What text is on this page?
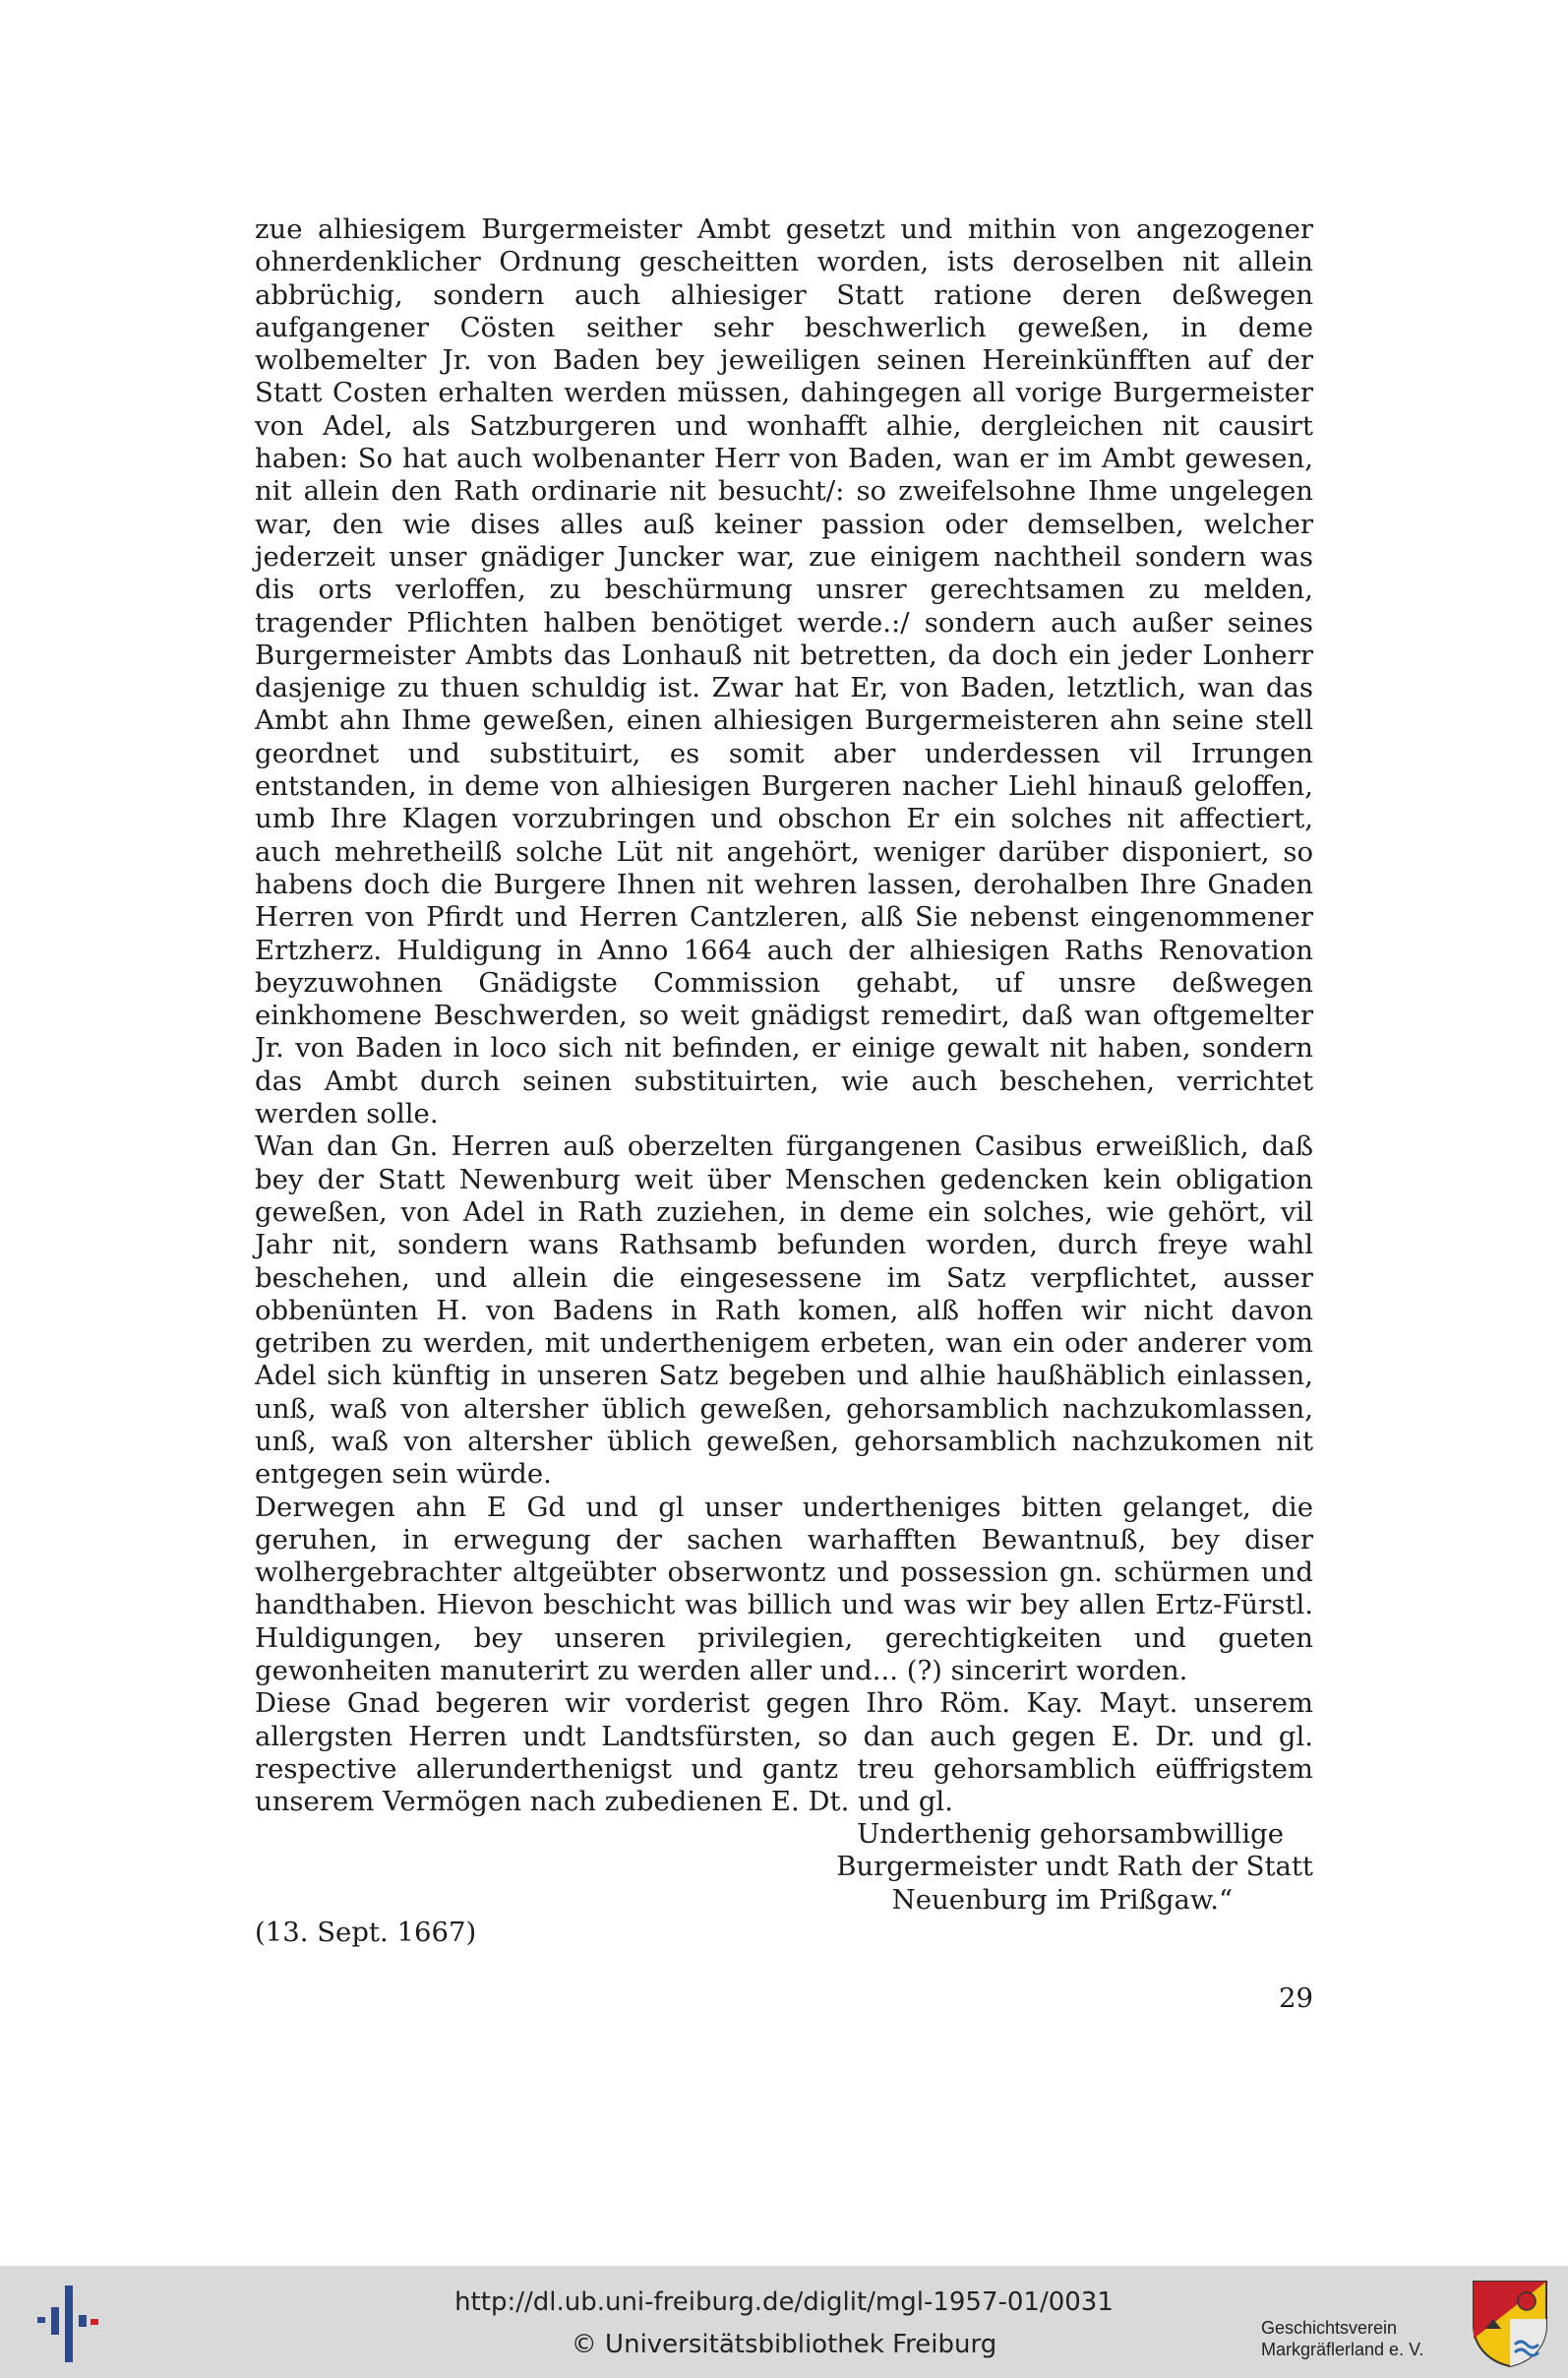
zue alhiesigem Burgermeister Ambt gesetzt und mithin von angezogener ohnerdenklicher Ordnung gescheitten worden, ists deroselben nit allein abbrüchig, sondern auch alhiesiger Statt ratione deren deßwegen aufgangener Cösten seither sehr beschwerlich geweßen, in deme wolbemelter Jr. von Baden bey jeweiligen seinen Hereinkünfften auf der Statt Costen erhalten werden müssen, dahingegen all vorige Burgermeister von Adel, als Satzburgeren und wonhafft alhie, dergleichen nit causirt haben: So hat auch wolbenanter Herr von Baden, wan er im Ambt gewesen, nit allein den Rath ordinarie nit besucht/: so zweifelsohne Ihme ungelegen war, den wie dises alles auß keiner passion oder demselben, welcher jederzeit unser gnädiger Juncker war, zue einigem nachtheil sondern was dis orts verloffen, zu beschürmung unsrer gerechtsamen zu melden, tragender Pflichten halben benötiget werde.:/ sondern auch außer seines Burgermeister Ambts das Lonhauß nit betretten, da doch ein jeder Lonherr dasjenige zu thuen schuldig ist. Zwar hat Er, von Baden, letztlich, wan das Ambt ahn Ihme geweßen, einen alhiesigen Burgermeisteren ahn seine stell geordnet und substituirt, es somit aber underdessen vil Irrungen entstanden, in deme von alhiesigen Burgeren nacher Liehl hinauß geloffen, umb Ihre Klagen vorzubringen und obschon Er ein solches nit affectiert, auch mehretheilß solche Lüt nit angehört, weniger darüber disponiert, so habens doch die Burgere Ihnen nit wehren lassen, derohalben Ihre Gnaden Herren von Pfirdt und Herren Cantzleren, alß Sie nebenst eingenommener Ertzherz. Huldigung in Anno 1664 auch der alhiesigen Raths Renovation beyzuwohnen Gnädigste Commission gehabt, uf unsre deßwegen einkhomene Beschwerden, so weit gnädigst remedirt, daß wan oftgemelter Jr. von Baden in loco sich nit befinden, er einige gewalt nit haben, sondern das Ambt durch seinen substituirten, wie auch beschehen, verrichtet werden solle.

Wan dan Gn. Herren auß oberzelten fürgangenen Casibus erweißlich, daß bey der Statt Newenburg weit über Menschen gedencken kein obligation geweßen, von Adel in Rath zuziehen, in deme ein solches, wie gehört, vil Jahr nit, sondern wans Rathsamb befunden worden, durch freye wahl beschehen, und allein die eingesessene im Satz verpflichtet, ausser obbenünten H. von Badens in Rath komen, alß hoffen wir nicht davon getriben zu werden, mit underthenigem erbeten, wan ein oder anderer vom Adel sich künftig in unseren Satz begeben und alhie haußhäblich einlassen, unß, waß von altersher üblich geweßen, gehorsamblich nachzukomlassen, unß, waß von altersher üblich geweßen, gehorsamblich nachzukomen nit entgegen sein würde.

Derwegen ahn E Gd und gl unser undertheniges bitten gelanget, die geruhen, in erwegung der sachen warhafften Bewantnuß, bey diser wolhergebrachter altgeübter obserwontz und possession gn. schürmen und handthaben. Hievon beschicht was billich und was wir bey allen Ertz-Fürstl. Huldigungen, bey unseren privilegien, gerechtigkeiten und gueten gewonheiten manuterirt zu werden aller und... (?) sincerirt worden.

Diese Gnad begeren wir vorderist gegen Ihro Röm. Kay. Mayt. unserem allergsten Herren undt Landtsfürsten, so dan auch gegen E. Dr. und gl. respective allerunderthenigst und gantz treu gehorsamblich eüffrigstem unserem Vermögen nach zubedienen E. Dt. und gl.

Underthenig gehorsambwillige
Burgermeister undt Rath der Statt
Neuenburg im Prißgaw.“
(13. Sept. 1667)
29
http://dl.ub.uni-freiburg.de/diglit/mgl-1957-01/0031
© Universitätsbibliothek Freiburg
Geschichtsverein
Markgräflerland e. V.
